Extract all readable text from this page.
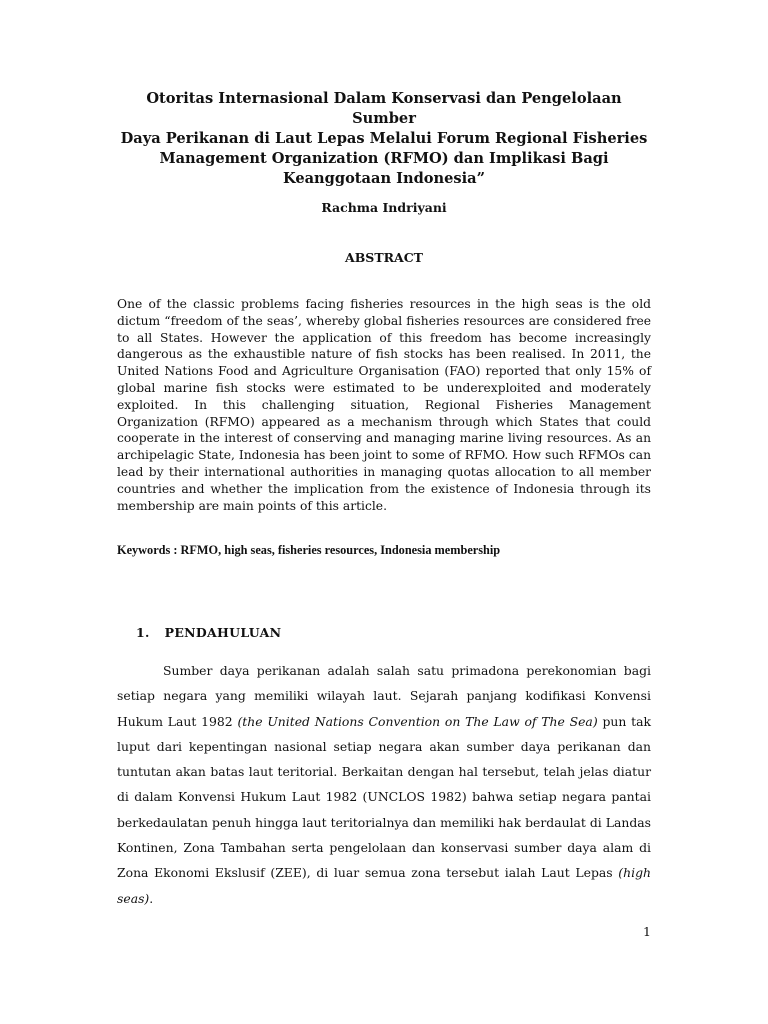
Otoritas Internasional Dalam Konservasi dan Pengelolaan Sumber
Daya Perikanan di Laut Lepas Melalui Forum Regional Fisheries
Management Organization (RFMO) dan Implikasi Bagi
Keanggotaan Indonesia”
Rachma Indriyani
ABSTRACT
One of the classic problems facing fisheries resources in the high seas is the old dictum “freedom of the seas’, whereby global fisheries resources are considered free to all States. However the application of this freedom has become increasingly dangerous as the exhaustible nature of fish stocks has been realised. In 2011, the United Nations Food and Agriculture Organisation (FAO) reported that only 15% of global marine fish stocks were estimated to be underexploited and moderately exploited. In this challenging situation, Regional Fisheries Management Organization (RFMO) appeared as a mechanism through which States that could cooperate in the interest of conserving and managing marine living resources. As an archipelagic State, Indonesia has been joint to some of RFMO. How such RFMOs can lead by their international authorities in managing quotas allocation to all member countries and whether the implication from the existence of Indonesia through its membership are main points of this article.
Keywords : RFMO, high seas, fisheries resources, Indonesia membership
1. PENDAHULUAN
Sumber daya perikanan adalah salah satu primadona perekonomian bagi setiap negara yang memiliki wilayah laut. Sejarah panjang kodifikasi Konvensi Hukum Laut 1982 (the United Nations Convention on The Law of The Sea) pun tak luput dari kepentingan nasional setiap negara akan sumber daya perikanan dan tuntutan akan batas laut teritorial. Berkaitan dengan hal tersebut, telah jelas diatur di dalam Konvensi Hukum Laut 1982 (UNCLOS 1982) bahwa setiap negara pantai berkedaulatan penuh hingga laut teritorialnya dan memiliki hak berdaulat di Landas Kontinen, Zona Tambahan serta pengelolaan dan konservasi sumber daya alam di Zona Ekonomi Ekslusif (ZEE), di luar semua zona tersebut ialah Laut Lepas (high seas).
1
